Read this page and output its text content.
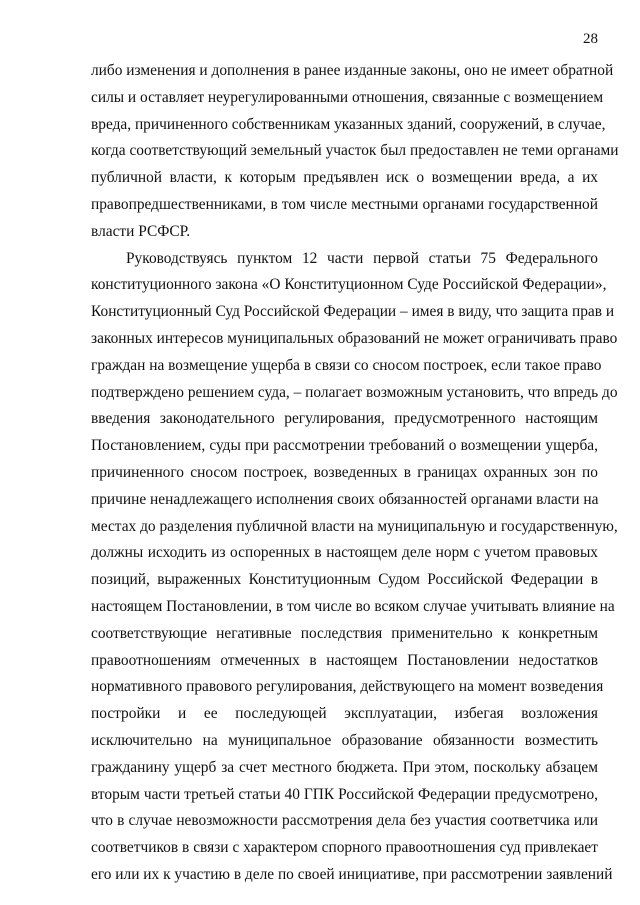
28
либо изменения и дополнения в ранее изданные законы, оно не имеет обратной
силы и оставляет неурегулированными отношения, связанные с возмещением
вреда, причиненного собственникам указанных зданий, сооружений, в случае,
когда соответствующий земельный участок был предоставлен не теми органами
публичной власти, к которым предъявлен иск о возмещении вреда, а их
правопредшественниками, в том числе местными органами государственной
власти РСФСР.
Руководствуясь пунктом 12 части первой статьи 75 Федерального
конституционного закона «О Конституционном Суде Российской Федерации»,
Конституционный Суд Российской Федерации – имея в виду, что защита прав и
законных интересов муниципальных образований не может ограничивать право
граждан на возмещение ущерба в связи со сносом построек, если такое право
подтверждено решением суда, – полагает возможным установить, что впредь до
введения законодательного регулирования, предусмотренного настоящим
Постановлением, суды при рассмотрении требований о возмещении ущерба,
причиненного сносом построек, возведенных в границах охранных зон по
причине ненадлежащего исполнения своих обязанностей органами власти на
местах до разделения публичной власти на муниципальную и государственную,
должны исходить из оспоренных в настоящем деле норм с учетом правовых
позиций, выраженных Конституционным Судом Российской Федерации в
настоящем Постановлении, в том числе во всяком случае учитывать влияние на
соответствующие негативные последствия применительно к конкретным
правоотношениям отмеченных в настоящем Постановлении недостатков
нормативного правового регулирования, действующего на момент возведения
постройки и ее последующей эксплуатации, избегая возложения
исключительно на муниципальное образование обязанности возместить
гражданину ущерб за счет местного бюджета. При этом, поскольку абзацем
вторым части третьей статьи 40 ГПК Российской Федерации предусмотрено,
что в случае невозможности рассмотрения дела без участия соответчика или
соответчиков в связи с характером спорного правоотношения суд привлекает
его или их к участию в деле по своей инициативе, при рассмотрении заявлений
